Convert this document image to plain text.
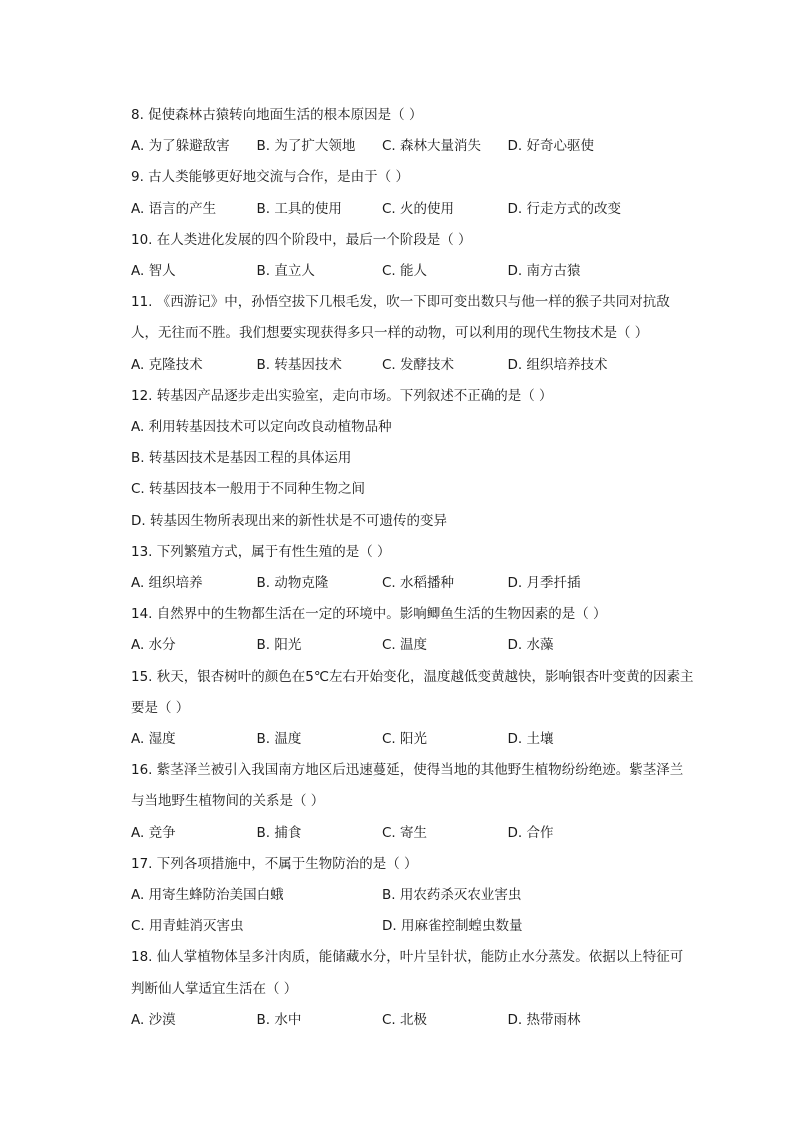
8. 促使森林古猿转向地面生活的根本原因是（ ）

A. 为了躲避敌害	B. 为了扩大领地	C. 森林大量消失	D. 好奇心驱使

9. 古人类能够更好地交流与合作，是由于（ ）

A. 语言的产生	B. 工具的使用	C. 火的使用	D. 行走方式的改变

10. 在人类进化发展的四个阶段中，最后一个阶段是（ ）

A. 智人	B. 直立人	C. 能人	D. 南方古猿

11. 《西游记》中，孙悟空拔下几根毛发，吹一下即可变出数只与他一样的猴子共同对抗敌人，无往而不胜。我们想要实现获得多只一样的动物，可以利用的现代生物技术是（ ）

A. 克隆技术	B. 转基因技术	C. 发酵技术	D. 组织培养技术

12. 转基因产品逐步走出实验室，走向市场。下列叙述不正确的是（ ）

A. 利用转基因技术可以定向改良动植物品种
B. 转基因技术是基因工程的具体运用
C. 转基因技本一般用于不同种生物之间
D. 转基因生物所表现出来的新性状是不可遗传的变异

13. 下列繁殖方式，属于有性生殖的是（ ）

A. 组织培养	B. 动物克隆	C. 水稻播种	D. 月季扦插

14. 自然界中的生物都生活在一定的环境中。影响鲫鱼生活的生物因素的是（ ）

A. 水分	B. 阳光	C. 温度	D. 水藻

15. 秋天，银杏树叶的颜色在5℃左右开始变化，温度越低变黄越快，影响银杏叶变黄的因素主要是（ ）

A. 湿度	B. 温度	C. 阳光	D. 土壤

16. 紫茎泽兰被引入我国南方地区后迅速蔓延，使得当地的其他野生植物纷纷绝迹。紫茎泽兰与当地野生植物间的关系是（ ）

A. 竞争	B. 捕食	C. 寄生	D. 合作

17. 下列各项措施中，不属于生物防治的是（ ）

A. 用寄生蜂防治美国白蛾	B. 用农药杀灭农业害虫
C. 用青蛙消灭害虫	D. 用麻雀控制蝗虫数量

18. 仙人掌植物体呈多汁肉质，能储藏水分，叶片呈针状，能防止水分蒸发。依据以上特征可判断仙人掌适宜生活在（ ）

A. 沙漠	B. 水中	C. 北极	D. 热带雨林
